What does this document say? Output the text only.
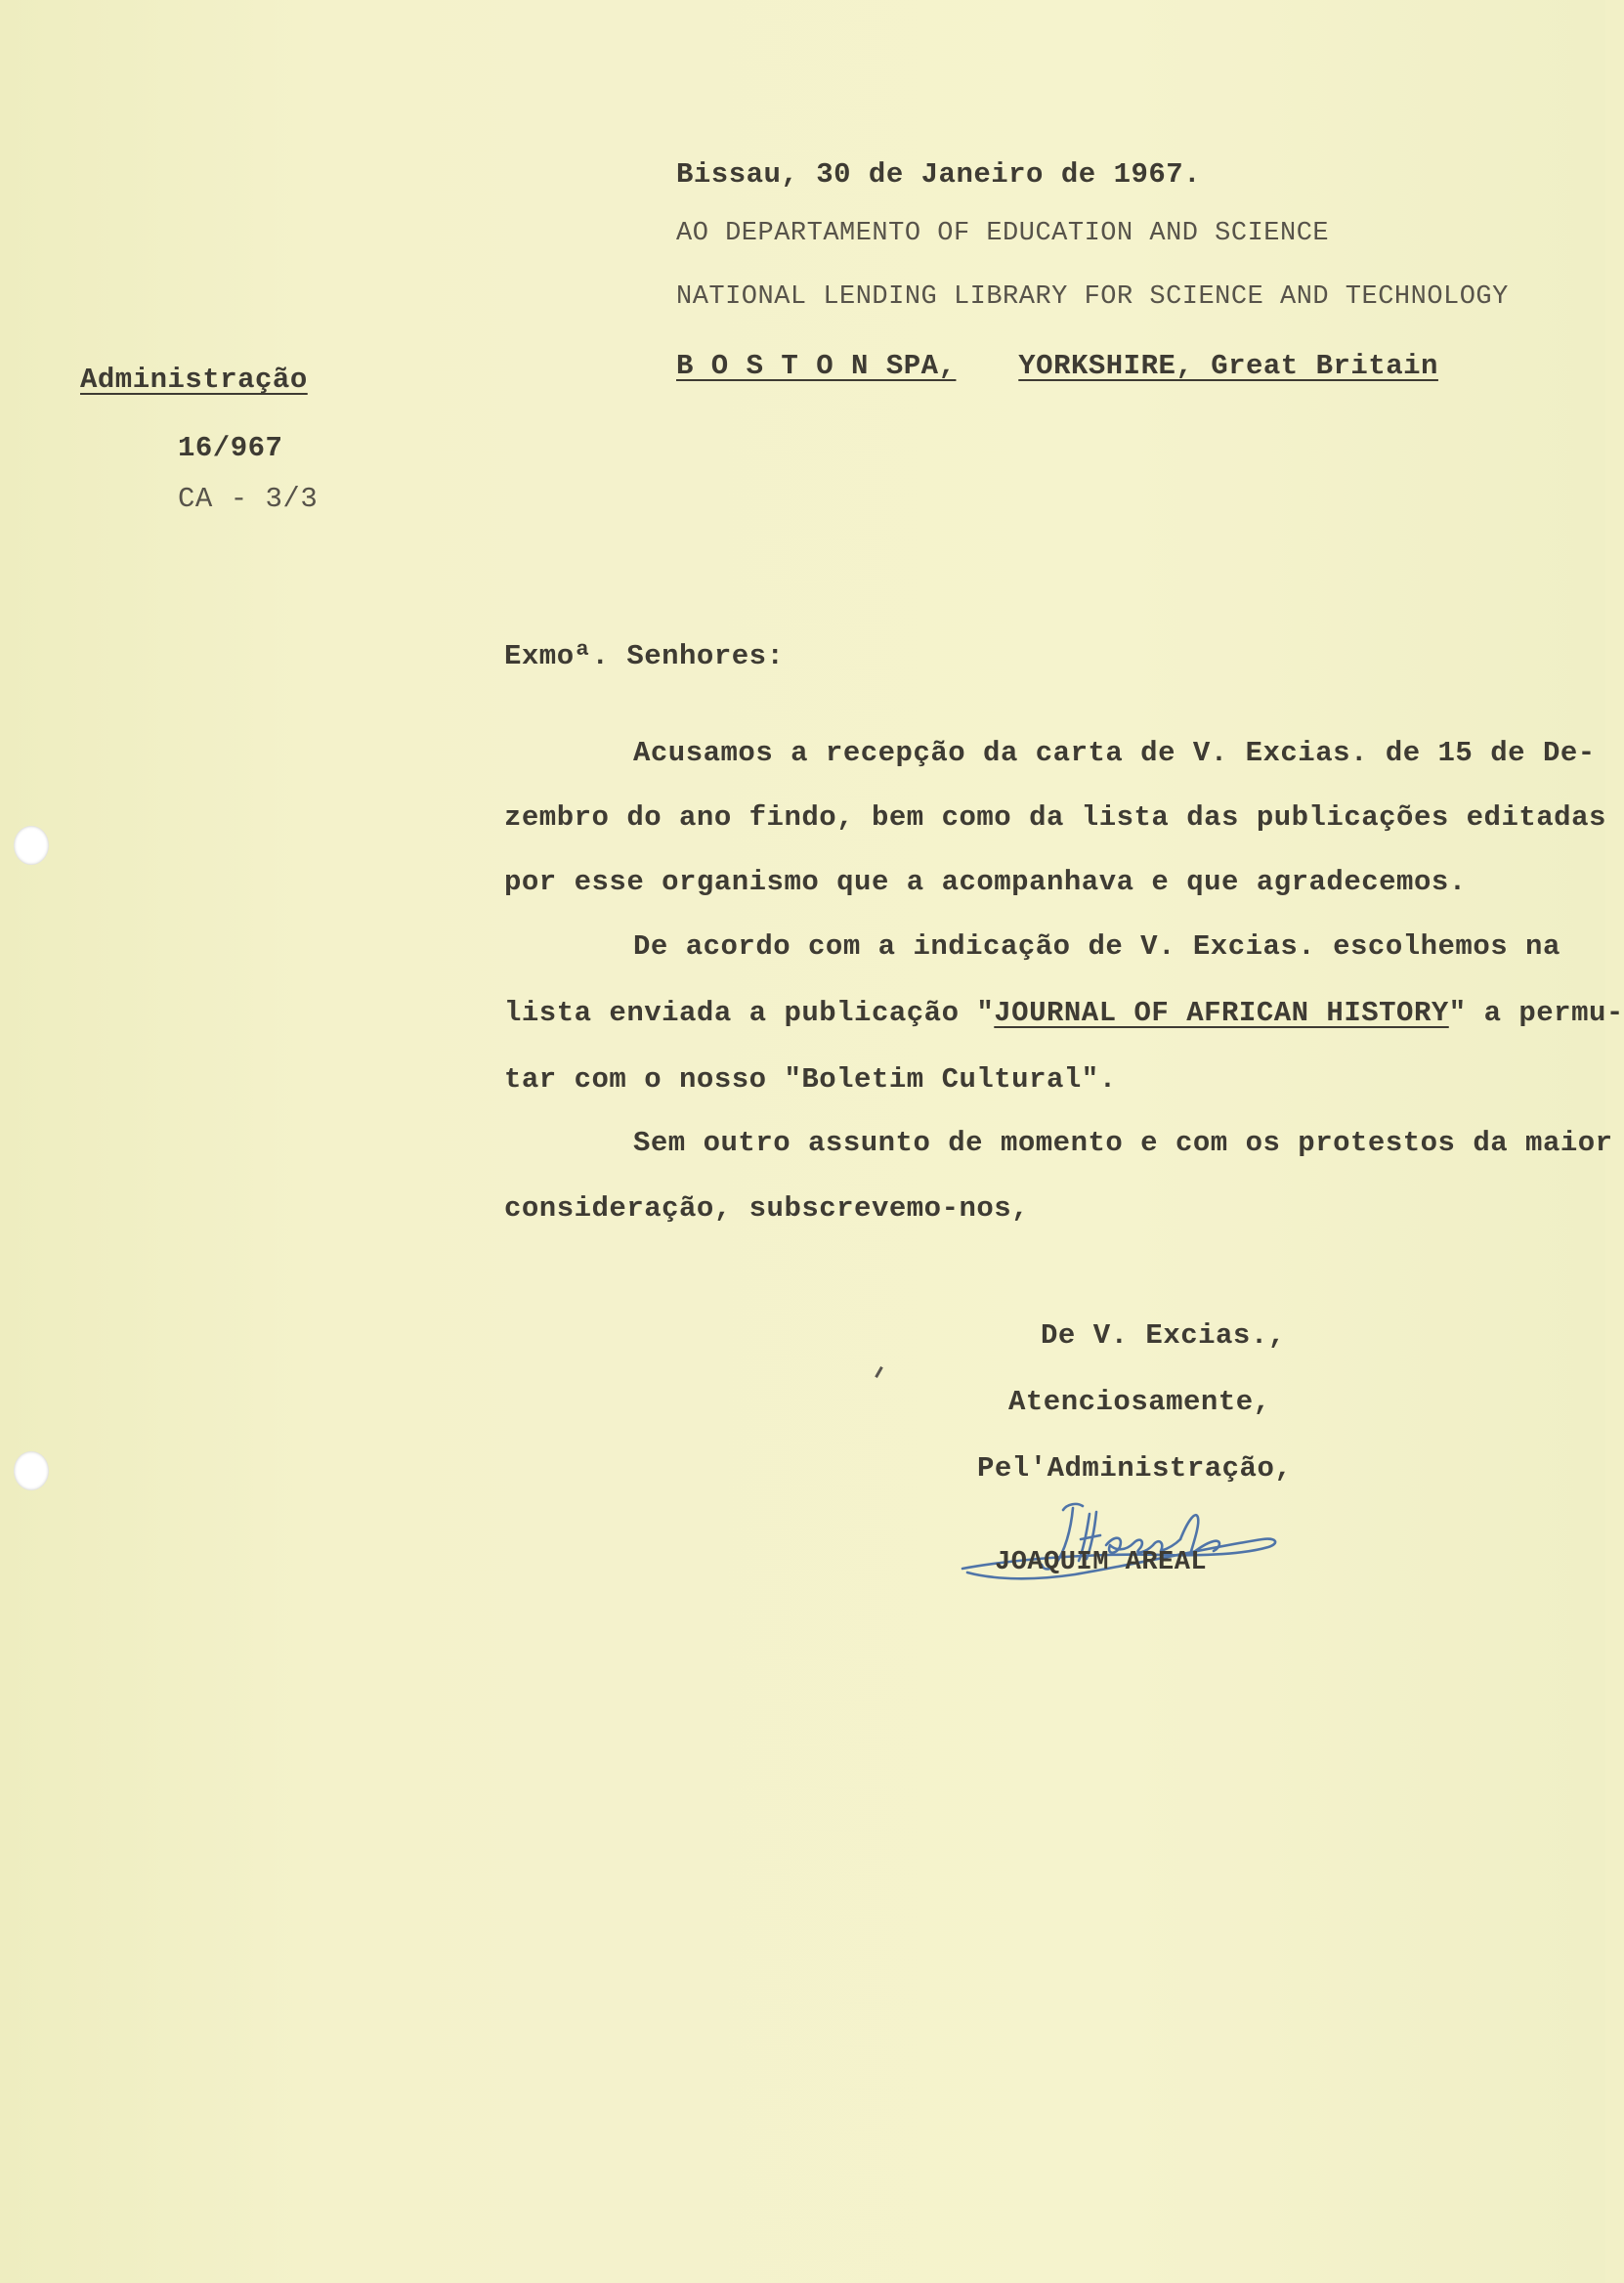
Bissau, 30 de Janeiro de 1967.
AO DEPARTAMENTO OF EDUCATION AND SCIENCE
NATIONAL LENDING LIBRARY FOR SCIENCE AND TECHNOLOGY
B O S T O N SPA, YORKSHIRE, Great Britain
Administração
16/967
CA - 3/3
Exmoª. Senhores:
Acusamos a recepção da carta de V. Excias. de 15 de De-
zembro do ano findo, bem como da lista das publicações editadas
por esse organismo que a acompanhava e que agradecemos.
De acordo com a indicação de V. Excias. escolhemos na
lista enviada a publicação "JOURNAL OF AFRICAN HISTORY" a permu-
tar com o nosso "Boletim Cultural".
Sem outro assunto de momento e com os protestos da maior
consideração, subscrevemo-nos,
De V. Excias.,
Atenciosamente,
Pel'Administração,
JOAQUIM AREAL
